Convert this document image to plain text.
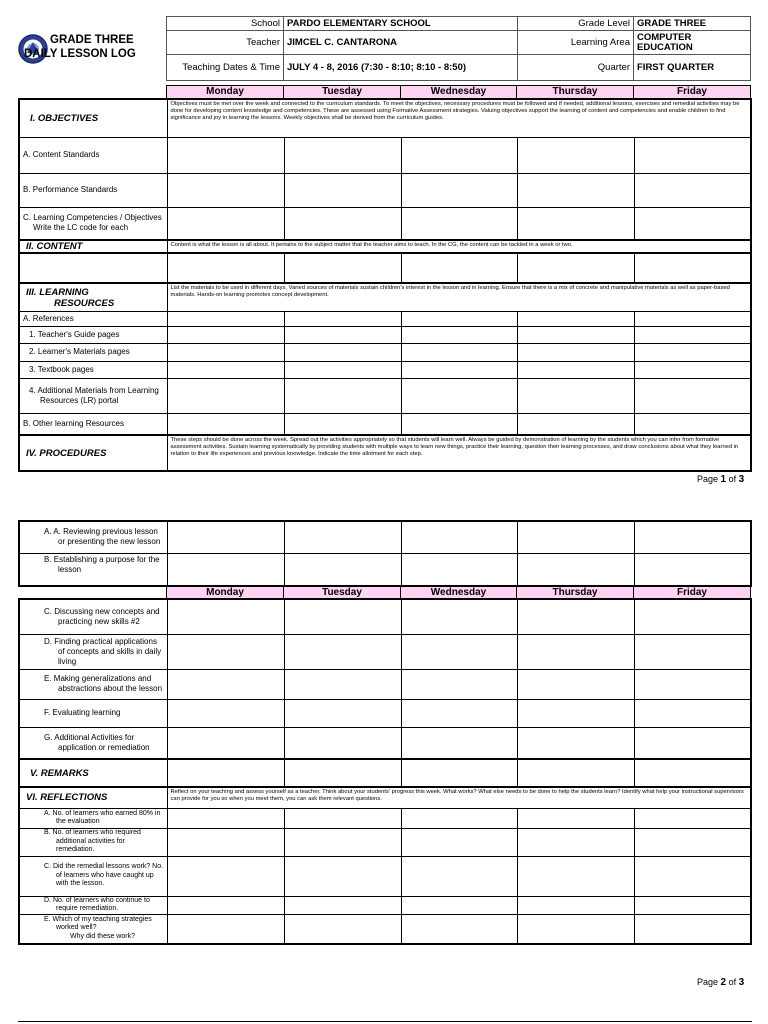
GRADE THREE
DAILY LESSON LOG
School	PARDO ELEMENTARY SCHOOL	Grade Level	GRADE THREE
Teacher	JIMCEL C. CANTARONA	Learning Area	COMPUTER EDUCATION
Teaching Dates & Time	JULY 4 - 8, 2016 (7:30 - 8:10; 8:10 - 8:50)	Quarter	FIRST QUARTER
Monday	Tuesday	Wednesday	Thursday	Friday
I. OBJECTIVES	Objectives must be met over the week and connected to the curriculum standards. To meet the objectives, necessary procedures must be followed and if needed, additional lessons, exercises and remedial activities may be done for developing content knowledge and competencies. These are assessed using Formative Assessment strategies. Valuing objectives support the learning of content and competencies and enable children to find significance and joy in learning the lessons. Weekly objectives shall be derived from the curriculum guides.				
A. Content Standards					
B. Performance Standards					

C. Learning Competencies / Objectives
Write the LC code for each					

II. CONTENT	Content is what the lesson is all about. It pertains to the subject matter that the teacher aims to teach. In the CG, the content can be tackled in a week or two.				

III. LEARNING
RESOURCES	List the materials to be used in different days. Varied sources of materials sustain children's interest in the lesson and in learning. Ensure that there is a mix of concrete and manipulative materials as well as paper-based materials. Hands-on learning promotes concept development.				
A. References					
1. Teacher's Guide pages					
2. Learner's Materials pages					
3. Textbook pages					
4. Additional Materials from Learning Resources (LR) portal					
B. Other learning Resources					
IV. PROCEDURES	These steps should be done across the week. Spread out the activities appropriately so that students will learn well. Always be guided by demonstration of learning by the students which you can infer from formative assessment activities. Sustain learning systematically by providing students with multiple ways to learn new things, practice their learning, question their learning processes, and draw conclusions about what they learned in relation to their life experiences and previous knowledge. Indicate the time allotment for each step.				
Page 1 of 3
A. A. Reviewing previous lesson or presenting the new lesson					
B. Establishing a purpose for the lesson					
Monday	Tuesday	Wednesday	Thursday	Friday
C. Discussing new concepts and practicing new skills #2					
D. Finding practical applications of concepts and skills in daily living					
E. Making generalizations and abstractions about the lesson					
F. Evaluating learning					
G. Additional Activities for application or remediation					
V. REMARKS					
VI. REFLECTIONS	Reflect on your teaching and assess yourself as a teacher. Think about your students' progress this week. What works? What else needs to be done to help the students learn? Identify what help your instructional supervisors can provide for you so when you meet them, you can ask them relevant questions.				
A. No. of learners who earned 80% in the evaluation					
B. No. of learners who required additional activities for remediation.					
C. Did the remedial lessons work? No. of learners who have caught up with the lesson.					
D. No. of learners who continue to require remediation.					

E. Which of my teaching strategies worked well?
Why did these work?					

Page 2 of 3
